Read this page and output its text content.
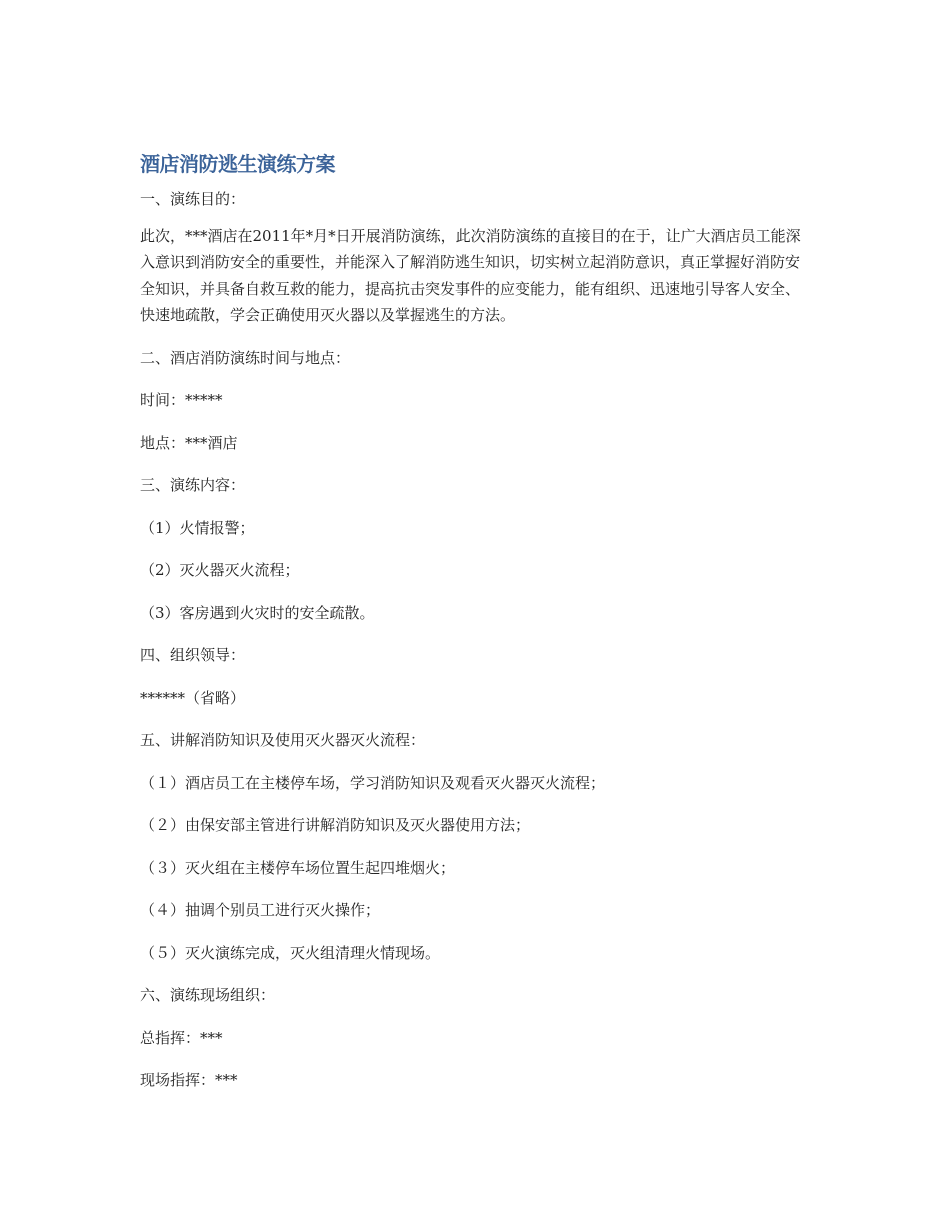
酒店消防逃生演练方案

一、演练目的：

此次，***酒店在2011年*月*日开展消防演练，此次消防演练的直接目的在于，让广大酒店员工能深入意识到消防安全的重要性，并能深入了解消防逃生知识，切实树立起消防意识，真正掌握好消防安全知识，并具备自救互救的能力，提高抗击突发事件的应变能力，能有组织、迅速地引导客人安全、快速地疏散，学会正确使用灭火器以及掌握逃生的方法。

二、酒店消防演练时间与地点：

时间：*****

地点：***酒店

三、演练内容：

（1）火情报警；

（2）灭火器灭火流程；

（3）客房遇到火灾时的安全疏散。

四、组织领导：

******（省略）

五、讲解消防知识及使用灭火器灭火流程：

（１）酒店员工在主楼停车场，学习消防知识及观看灭火器灭火流程；

（２）由保安部主管进行讲解消防知识及灭火器使用方法；

（３）灭火组在主楼停车场位置生起四堆烟火；

（４）抽调个别员工进行灭火操作；

（５）灭火演练完成，灭火组清理火情现场。

六、演练现场组织：

总指挥：***

现场指挥：***
